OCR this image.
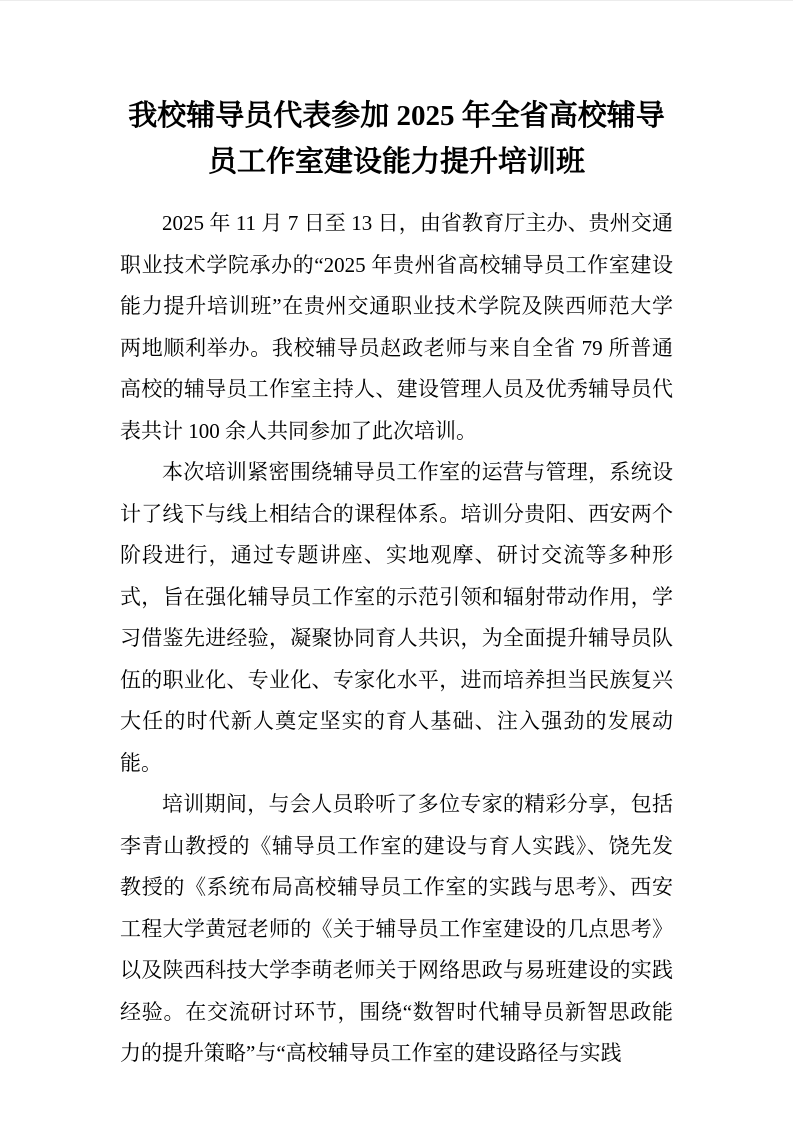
我校辅导员代表参加 2025 年全省高校辅导员工作室建设能力提升培训班

2025 年 11 月 7 日至 13 日，由省教育厅主办、贵州交通职业技术学院承办的“2025 年贵州省高校辅导员工作室建设能力提升培训班”在贵州交通职业技术学院及陕西师范大学两地顺利举办。我校辅导员赵政老师与来自全省 79 所普通高校的辅导员工作室主持人、建设管理人员及优秀辅导员代表共计 100 余人共同参加了此次培训。

本次培训紧密围绕辅导员工作室的运营与管理，系统设计了线下与线上相结合的课程体系。培训分贵阳、西安两个阶段进行，通过专题讲座、实地观摩、研讨交流等多种形式，旨在强化辅导员工作室的示范引领和辐射带动作用，学习借鉴先进经验，凝聚协同育人共识，为全面提升辅导员队伍的职业化、专业化、专家化水平，进而培养担当民族复兴大任的时代新人奠定坚实的育人基础、注入强劲的发展动能。

培训期间，与会人员聆听了多位专家的精彩分享，包括李青山教授的《辅导员工作室的建设与育人实践》、饶先发教授的《系统布局高校辅导员工作室的实践与思考》、西安工程大学黄冠老师的《关于辅导员工作室建设的几点思考》以及陕西科技大学李萌老师关于网络思政与易班建设的实践经验。在交流研讨环节，围绕“数智时代辅导员新智思政能力的提升策略”与“高校辅导员工作室的建设路径与实践
